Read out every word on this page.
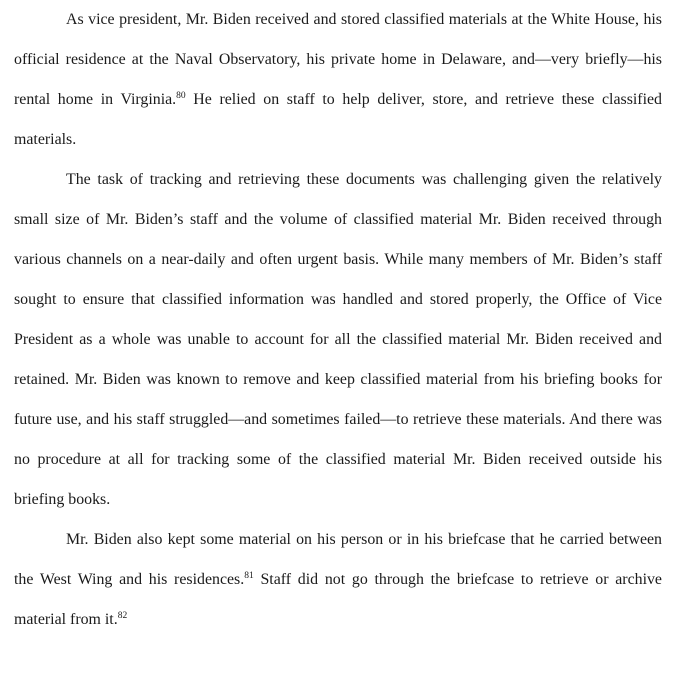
As vice president, Mr. Biden received and stored classified materials at the White House, his official residence at the Naval Observatory, his private home in Delaware, and—very briefly—his rental home in Virginia.$^{80}$ He relied on staff to help deliver, store, and retrieve these classified materials.

The task of tracking and retrieving these documents was challenging given the relatively small size of Mr. Biden’s staff and the volume of classified material Mr. Biden received through various channels on a near-daily and often urgent basis. While many members of Mr. Biden’s staff sought to ensure that classified information was handled and stored properly, the Office of Vice President as a whole was unable to account for all the classified material Mr. Biden received and retained. Mr. Biden was known to remove and keep classified material from his briefing books for future use, and his staff struggled—and sometimes failed—to retrieve these materials. And there was no procedure at all for tracking some of the classified material Mr. Biden received outside his briefing books.

Mr. Biden also kept some material on his person or in his briefcase that he carried between the West Wing and his residences.$^{81}$ Staff did not go through the briefcase to retrieve or archive material from it.$^{82}$
